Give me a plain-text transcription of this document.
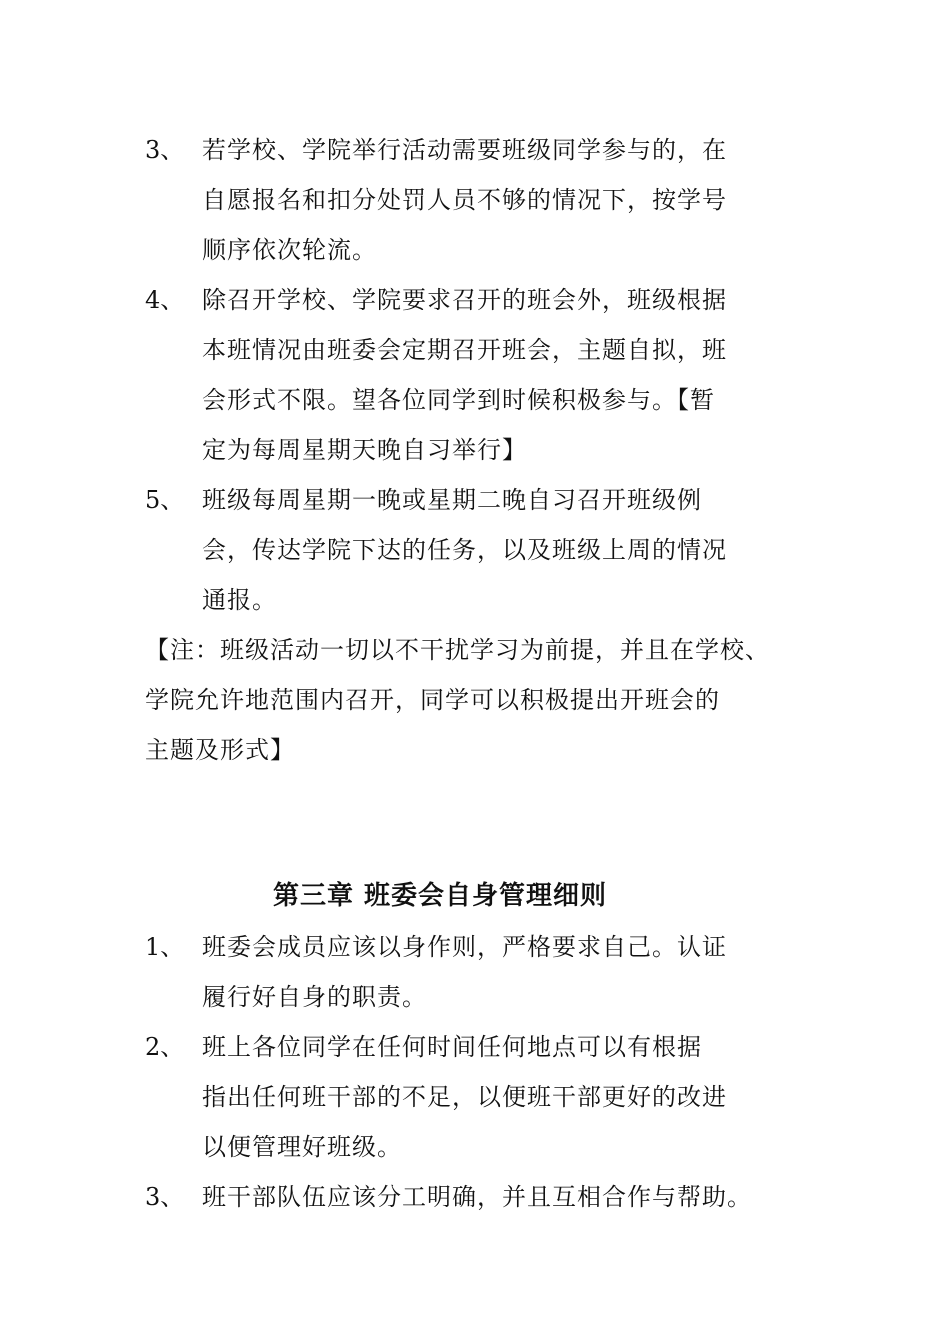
3、 若学校、学院举行活动需要班级同学参与的，在
自愿报名和扣分处罚人员不够的情况下，按学号
顺序依次轮流。
4、 除召开学校、学院要求召开的班会外，班级根据
本班情况由班委会定期召开班会，主题自拟，班
会形式不限。望各位同学到时候积极参与。【暂
定为每周星期天晚自习举行】
5、 班级每周星期一晚或星期二晚自习召开班级例
会，传达学院下达的任务，以及班级上周的情况
通报。
【注：班级活动一切以不干扰学习为前提，并且在学校、
学院允许地范围内召开，同学可以积极提出开班会的
主题及形式】
第三章 班委会自身管理细则
1、 班委会成员应该以身作则，严格要求自己。认证
履行好自身的职责。
2、 班上各位同学在任何时间任何地点可以有根据
指出任何班干部的不足，以便班干部更好的改进
以便管理好班级。
3、 班干部队伍应该分工明确，并且互相合作与帮助。
